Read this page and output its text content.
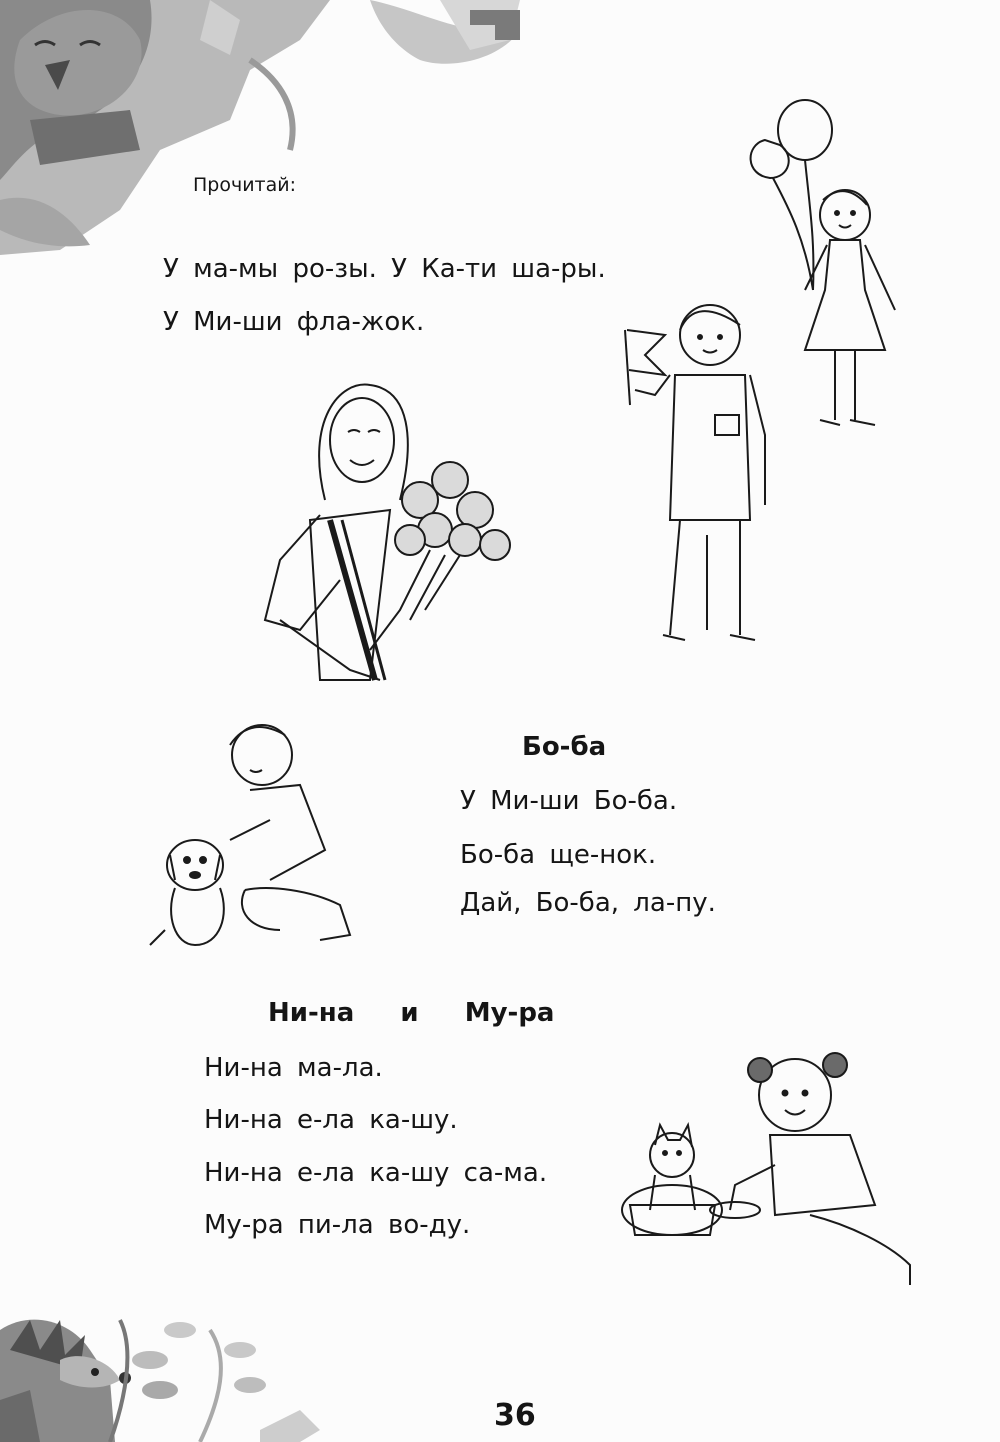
Прочитай:
У ма-мы ро-зы. У Ка-ти ша-ры.
У Ми-ши фла-жок.
Бо-ба
У Ми-ши Бо-ба.
Бо-ба ще-нок.
Дай, Бо-ба, ла-пу.
Ни-на  и  Му-ра
Ни-на ма-ла.
Ни-на е-ла ка-шу.
Ни-на е-ла ка-шу са-ма.
Му-ра пи-ла во-ду.
36
